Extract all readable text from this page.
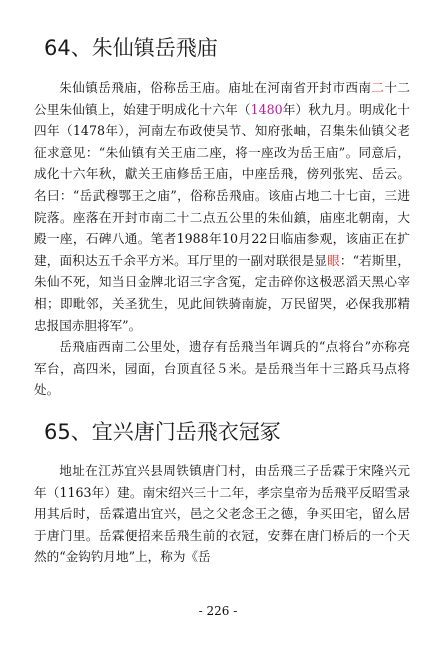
64、朱仙镇岳飛庙

朱仙镇岳飛庙，俗称岳王庙。庙址在河南省开封市西南二十二公里朱仙镇上，始建于明成化十六年（1480年）秋九月。明成化十四年（1478年），河南左布政使吴节、知府张岫，召集朱仙镇父老征求意见：“朱仙镇有关王庙二座，将一座改为岳王庙”。同意后，成化十六年秋，獻关王庙修岳王庙，中座岳飛，傍列张宪、岳云。名曰：“岳武穆鄂王之庙”，俗称岳飛庙。该庙占地二十七亩，三进院落。座落在开封市南二十二点五公里的朱仙鎮，庙座北朝南，大殿一座，石碑八通。笔者1988年10月22日临庙参观，该庙正在扩建，面积达五千余平方米。耳厅里的一副对联很是显眼：“若斯里，朱仙不死，知当日金牌北诏三字含冤，定击碎你这极恶滔天黑心宰相；即毗邻，关圣犹生，见此间铁骑南旋，万民留哭，必保我那精忠报国赤胆将军”。

岳飛庙西南二公里处，遗存有岳飛当年调兵的“点将台”亦称亮军台，高四米，园面，台顶直径５米。是岳飛当年十三路兵马点将处。

65、宜兴唐门岳飛衣冠冢

地址在江苏宜兴县周铁镇唐门村，由岳飛三子岳霖于宋隆兴元年（1163年）建。南宋绍兴三十二年，孝宗皇帝为岳飛平反昭雪录用其后时，岳霖遣出宜兴，邑之父老念王之德，争买田宅，留么居于唐门里。岳霖便招来岳飛生前的衣冠，安葬在唐门桥后的一个天然的“金钩钓月地”上，称为《岳

- 226 -
